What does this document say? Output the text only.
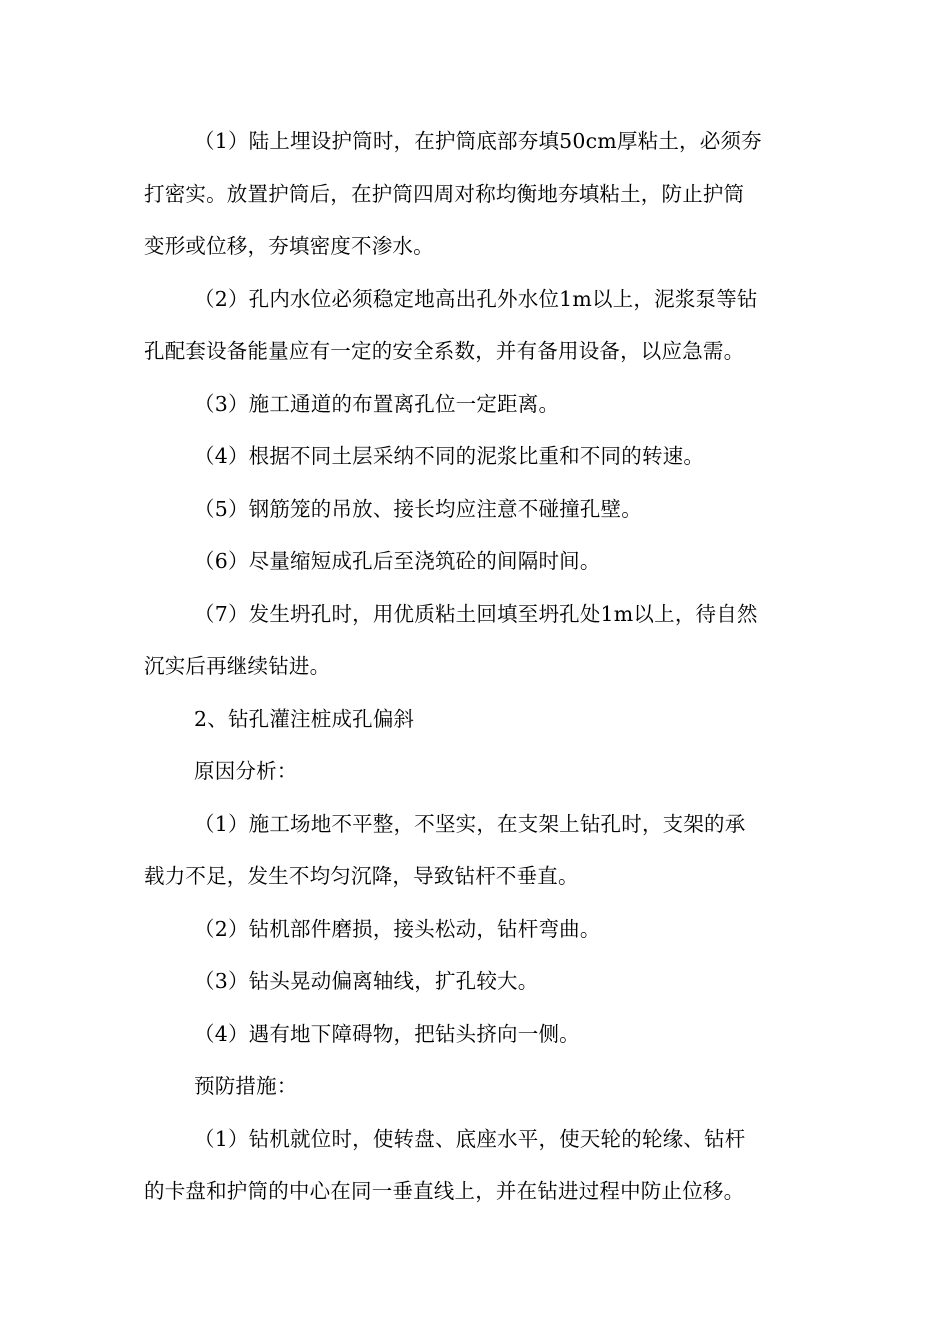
（1）陆上埋设护筒时，在护筒底部夯填50cm厚粘土，必须夯

打密实。放置护筒后，在护筒四周对称均衡地夯填粘土，防止护筒

变形或位移，夯填密度不渗水。

（2）孔内水位必须稳定地高出孔外水位1m以上，泥浆泵等钻

孔配套设备能量应有一定的安全系数，并有备用设备，以应急需。

（3）施工通道的布置离孔位一定距离。

（4）根据不同土层采纳不同的泥浆比重和不同的转速。

（5）钢筋笼的吊放、接长均应注意不碰撞孔壁。

（6）尽量缩短成孔后至浇筑砼的间隔时间。

（7）发生坍孔时，用优质粘土回填至坍孔处1m以上，待自然

沉实后再继续钻进。

2、钻孔灌注桩成孔偏斜

原因分析：

（1）施工场地不平整，不坚实，在支架上钻孔时，支架的承

载力不足，发生不均匀沉降，导致钻杆不垂直。

（2）钻机部件磨损，接头松动，钻杆弯曲。

（3）钻头晃动偏离轴线，扩孔较大。

（4）遇有地下障碍物，把钻头挤向一侧。

预防措施：

（1）钻机就位时，使转盘、底座水平，使天轮的轮缘、钻杆

的卡盘和护筒的中心在同一垂直线上，并在钻进过程中防止位移。
